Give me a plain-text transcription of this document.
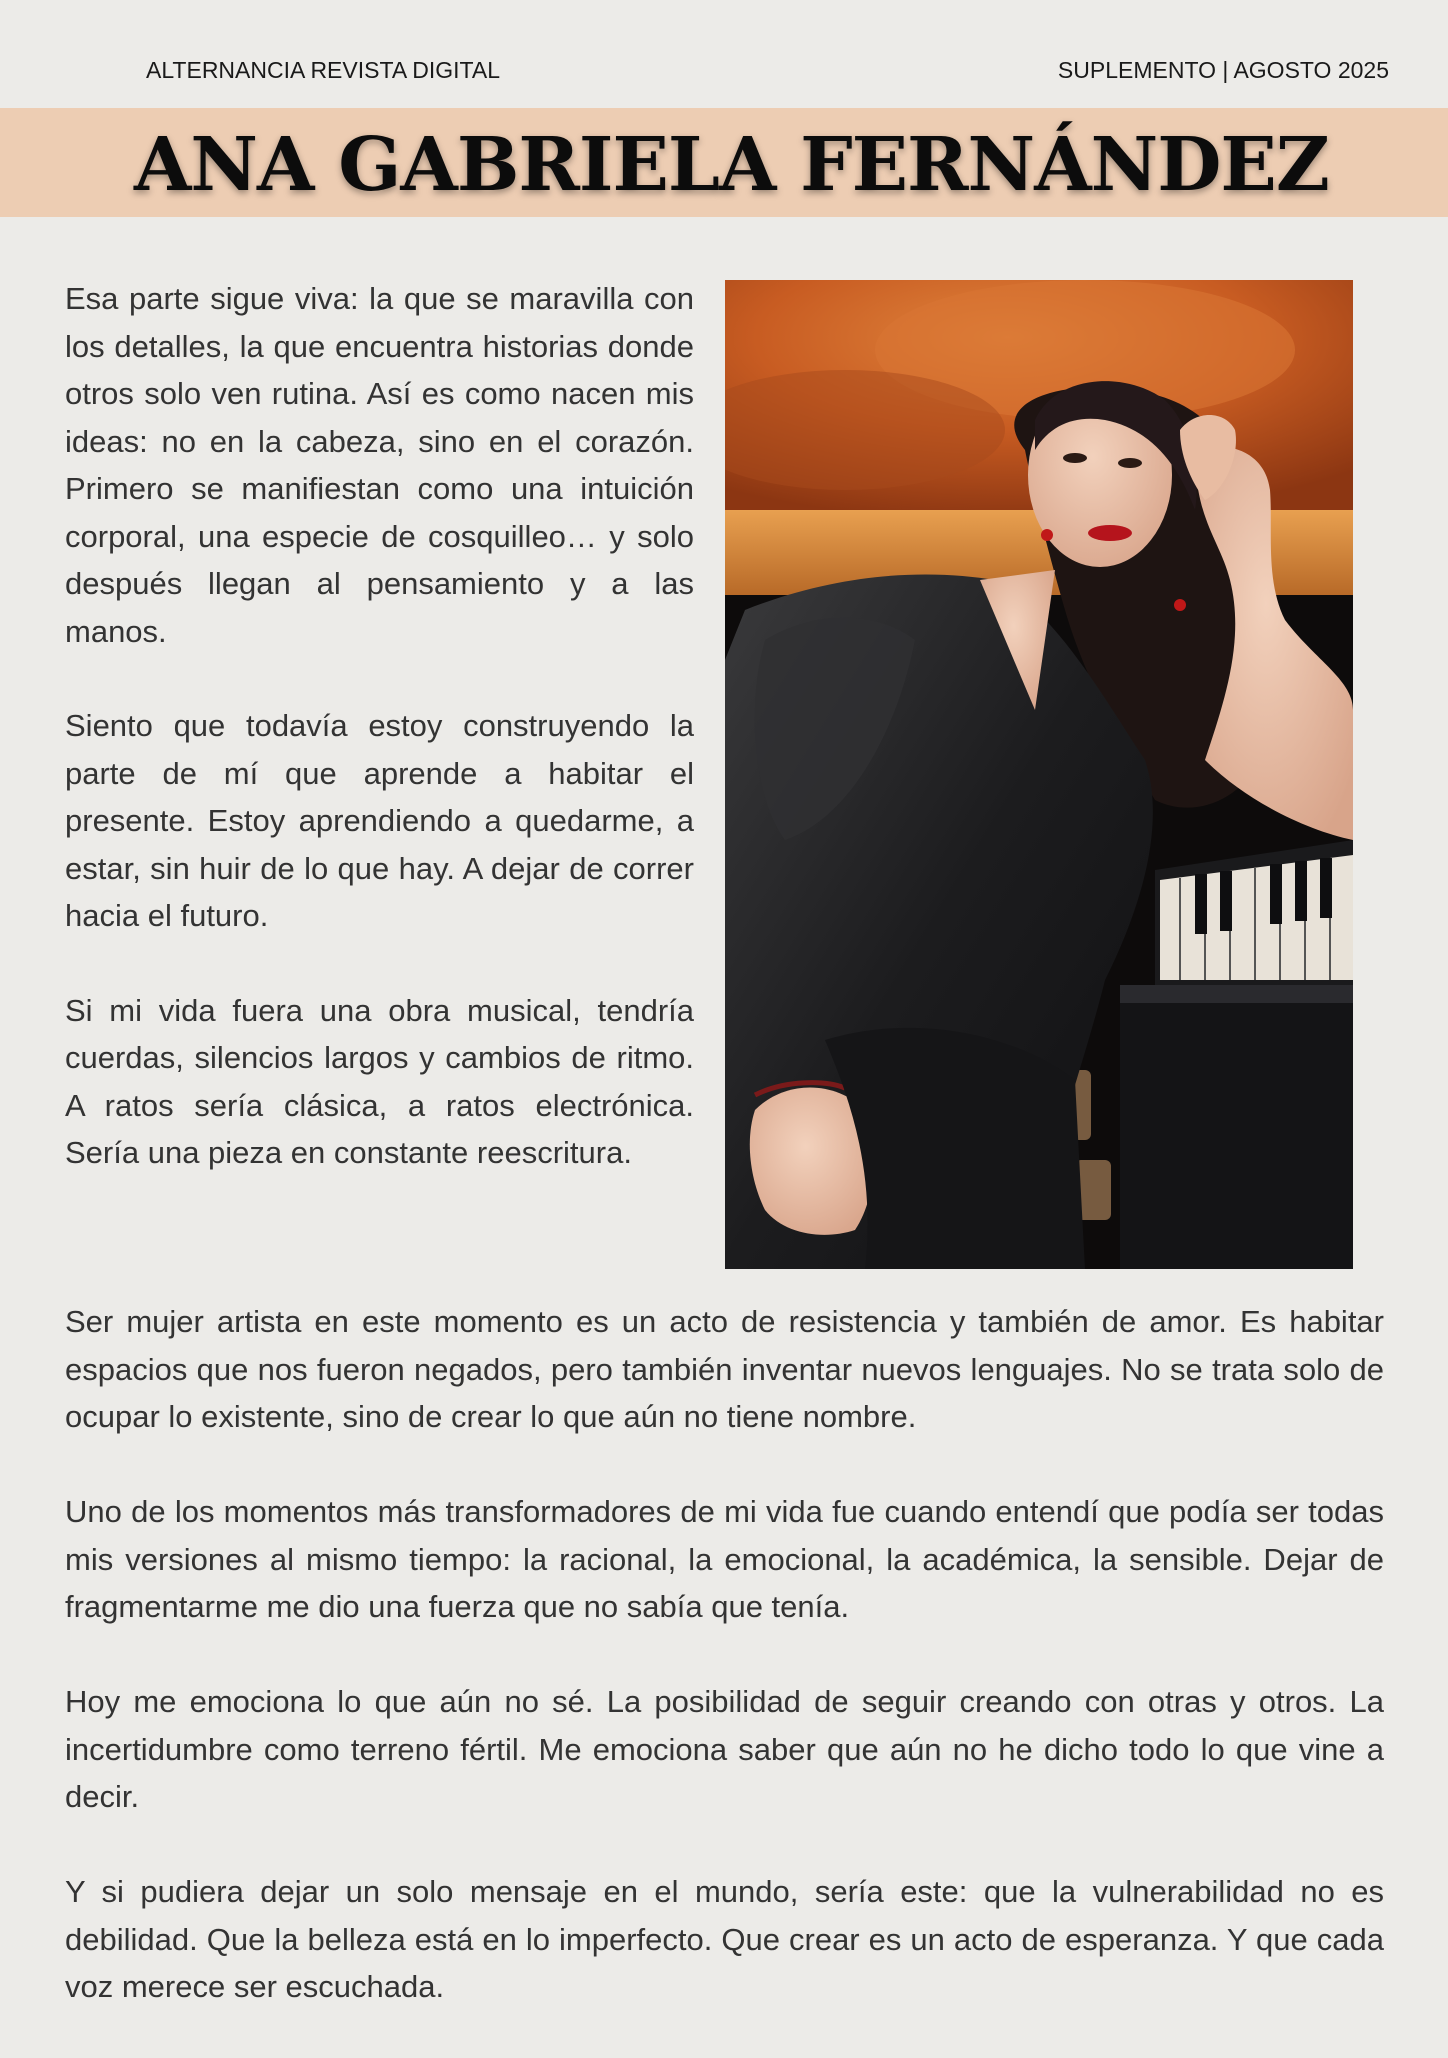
ALTERNANCIA REVISTA DIGITAL	SUPLEMENTO | AGOSTO 2025
ANA GABRIELA FERNÁNDEZ

Esa parte sigue viva: la que se maravilla con los detalles, la que encuentra historias donde otros solo ven rutina. Así es como nacen mis ideas: no en la cabeza, sino en el corazón. Primero se manifiestan como una intuición corporal, una especie de cosquilleo… y solo después llegan al pensamiento y a las manos.

Siento que todavía estoy construyendo la parte de mí que aprende a habitar el presente. Estoy aprendiendo a quedarme, a estar, sin huir de lo que hay. A dejar de correr hacia el futuro.

Si mi vida fuera una obra musical, tendría cuerdas, silencios largos y cambios de ritmo. A ratos sería clásica, a ratos electrónica. Sería una pieza en constante reescritura.

Ser mujer artista en este momento es un acto de resistencia y también de amor. Es habitar espacios que nos fueron negados, pero también inventar nuevos lenguajes. No se trata solo de ocupar lo existente, sino de crear lo que aún no tiene nombre.

Uno de los momentos más transformadores de mi vida fue cuando entendí que podía ser todas mis versiones al mismo tiempo: la racional, la emocional, la académica, la sensible. Dejar de fragmentarme me dio una fuerza que no sabía que tenía.

Hoy me emociona lo que aún no sé. La posibilidad de seguir creando con otras y otros. La incertidumbre como terreno fértil. Me emociona saber que aún no he dicho todo lo que vine a decir.

Y si pudiera dejar un solo mensaje en el mundo, sería este: que la vulnerabilidad no es debilidad. Que la belleza está en lo imperfecto. Que crear es un acto de esperanza. Y que cada voz merece ser escuchada.
